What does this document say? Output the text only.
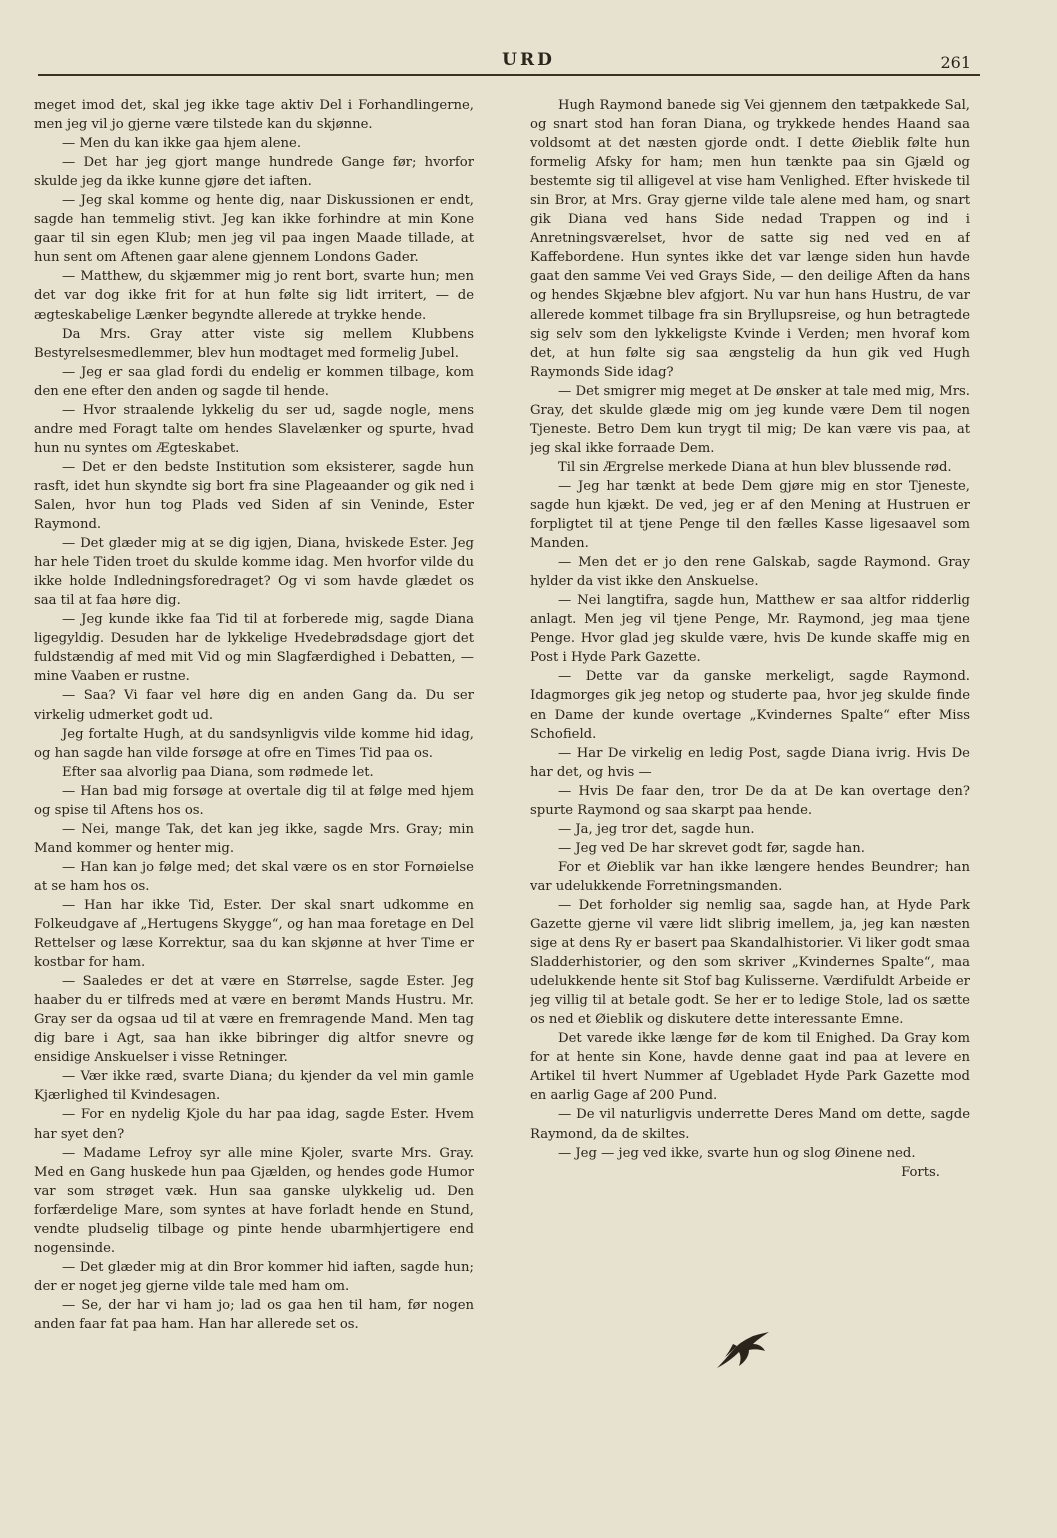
URD	261

meget imod det, skal jeg ikke tage aktiv Del i Forhandlingerne, men jeg vil jo gjerne være tilstede kan du skjønne.

— Men du kan ikke gaa hjem alene.

— Det har jeg gjort mange hundrede Gange før; hvorfor skulde jeg da ikke kunne gjøre det iaften.

— Jeg skal komme og hente dig, naar Diskussionen er endt, sagde han temmelig stivt. Jeg kan ikke forhindre at min Kone gaar til sin egen Klub; men jeg vil paa ingen Maade tillade, at hun sent om Aftenen gaar alene gjennem Londons Gader.

— Matthew, du skjæmmer mig jo rent bort, svarte hun; men det var dog ikke frit for at hun følte sig lidt irritert, — de ægteskabelige Lænker begyndte allerede at trykke hende.

Da Mrs. Gray atter viste sig mellem Klubbens Bestyrelsesmedlemmer, blev hun modtaget med formelig Jubel.

— Jeg er saa glad fordi du endelig er kommen tilbage, kom den ene efter den anden og sagde til hende.

— Hvor straalende lykkelig du ser ud, sagde nogle, mens andre med Foragt talte om hendes Slavelænker og spurte, hvad hun nu syntes om Ægteskabet.

— Det er den bedste Institution som eksisterer, sagde hun rasft, idet hun skyndte sig bort fra sine Plageaander og gik ned i Salen, hvor hun tog Plads ved Siden af sin Veninde, Ester Raymond.

— Det glæder mig at se dig igjen, Diana, hviskede Ester. Jeg har hele Tiden troet du skulde komme idag. Men hvorfor vilde du ikke holde Indledningsforedraget? Og vi som havde glædet os saa til at faa høre dig.

— Jeg kunde ikke faa Tid til at forberede mig, sagde Diana ligegyldig. Desuden har de lykkelige Hvedebrødsdage gjort det fuldstændig af med mit Vid og min Slagfærdighed i Debatten, — mine Vaaben er rustne.

— Saa? Vi faar vel høre dig en anden Gang da. Du ser virkelig udmerket godt ud.

Jeg fortalte Hugh, at du sandsynligvis vilde komme hid idag, og han sagde han vilde forsøge at ofre en Times Tid paa os.

Efter saa alvorlig paa Diana, som rødmede let.

— Han bad mig forsøge at overtale dig til at følge med hjem og spise til Aftens hos os.

— Nei, mange Tak, det kan jeg ikke, sagde Mrs. Gray; min Mand kommer og henter mig.

— Han kan jo følge med; det skal være os en stor Fornøielse at se ham hos os.

— Han har ikke Tid, Ester. Der skal snart udkomme en Folkeudgave af „Hertugens Skygge“, og han maa foretage en Del Rettelser og læse Korrektur, saa du kan skjønne at hver Time er kostbar for ham.

— Saaledes er det at være en Størrelse, sagde Ester. Jeg haaber du er tilfreds med at være en berømt Mands Hustru. Mr. Gray ser da ogsaa ud til at være en fremragende Mand. Men tag dig bare i Agt, saa han ikke bibringer dig altfor snevre og ensidige Anskuelser i visse Retninger.

— Vær ikke ræd, svarte Diana; du kjender da vel min gamle Kjærlighed til Kvindesagen.

— For en nydelig Kjole du har paa idag, sagde Ester. Hvem har syet den?

— Madame Lefroy syr alle mine Kjoler, svarte Mrs. Gray. Med en Gang huskede hun paa Gjælden, og hendes gode Humor var som strøget væk. Hun saa ganske ulykkelig ud. Den forfærdelige Mare, som syntes at have forladt hende en Stund, vendte pludselig tilbage og pinte hende ubarmhjertigere end nogensinde.

— Det glæder mig at din Bror kommer hid iaften, sagde hun; der er noget jeg gjerne vilde tale med ham om.

— Se, der har vi ham jo; lad os gaa hen til ham, før nogen anden faar fat paa ham. Han har allerede set os.

Hugh Raymond banede sig Vei gjennem den tætpakkede Sal, og snart stod han foran Diana, og trykkede hendes Haand saa voldsomt at det næsten gjorde ondt. I dette Øieblik følte hun formelig Afsky for ham; men hun tænkte paa sin Gjæld og bestemte sig til alligevel at vise ham Venlighed. Efter hviskede til sin Bror, at Mrs. Gray gjerne vilde tale alene med ham, og snart gik Diana ved hans Side nedad Trappen og ind i Anretningsværelset, hvor de satte sig ned ved en af Kaffebordene. Hun syntes ikke det var længe siden hun havde gaat den samme Vei ved Grays Side, — den deilige Aften da hans og hendes Skjæbne blev afgjort. Nu var hun hans Hustru, de var allerede kommet tilbage fra sin Bryllupsreise, og hun betragtede sig selv som den lykkeligste Kvinde i Verden; men hvoraf kom det, at hun følte sig saa ængstelig da hun gik ved Hugh Raymonds Side idag?

— Det smigrer mig meget at De ønsker at tale med mig, Mrs. Gray, det skulde glæde mig om jeg kunde være Dem til nogen Tjeneste. Betro Dem kun trygt til mig; De kan være vis paa, at jeg skal ikke forraade Dem.

Til sin Ærgrelse merkede Diana at hun blev blussende rød.

— Jeg har tænkt at bede Dem gjøre mig en stor Tjeneste, sagde hun kjækt. De ved, jeg er af den Mening at Hustruen er forpligtet til at tjene Penge til den fælles Kasse ligesaavel som Manden.

— Men det er jo den rene Galskab, sagde Raymond. Gray hylder da vist ikke den Anskuelse.

— Nei langtifra, sagde hun, Matthew er saa altfor ridderlig anlagt. Men jeg vil tjene Penge, Mr. Raymond, jeg maa tjene Penge. Hvor glad jeg skulde være, hvis De kunde skaffe mig en Post i Hyde Park Gazette.

— Dette var da ganske merkeligt, sagde Raymond. Idagmorges gik jeg netop og studerte paa, hvor jeg skulde finde en Dame der kunde overtage „Kvindernes Spalte“ efter Miss Schofield.

— Har De virkelig en ledig Post, sagde Diana ivrig. Hvis De har det, og hvis —

— Hvis De faar den, tror De da at De kan overtage den? spurte Raymond og saa skarpt paa hende.

— Ja, jeg tror det, sagde hun.

— Jeg ved De har skrevet godt før, sagde han.

For et Øieblik var han ikke længere hendes Beundrer; han var udelukkende Forretningsmanden.

— Det forholder sig nemlig saa, sagde han, at Hyde Park Gazette gjerne vil være lidt slibrig imellem, ja, jeg kan næsten sige at dens Ry er basert paa Skandalhistorier. Vi liker godt smaa Sladderhistorier, og den som skriver „Kvindernes Spalte“, maa udelukkende hente sit Stof bag Kulisserne. Værdifuldt Arbeide er jeg villig til at betale godt. Se her er to ledige Stole, lad os sætte os ned et Øieblik og diskutere dette interessante Emne.

Det varede ikke længe før de kom til Enighed. Da Gray kom for at hente sin Kone, havde denne gaat ind paa at levere en Artikel til hvert Nummer af Ugebladet Hyde Park Gazette mod en aarlig Gage af 200 Pund.

— De vil naturligvis underrette Deres Mand om dette, sagde Raymond, da de skiltes.

— Jeg — jeg ved ikke, svarte hun og slog Øinene ned.

Forts.
